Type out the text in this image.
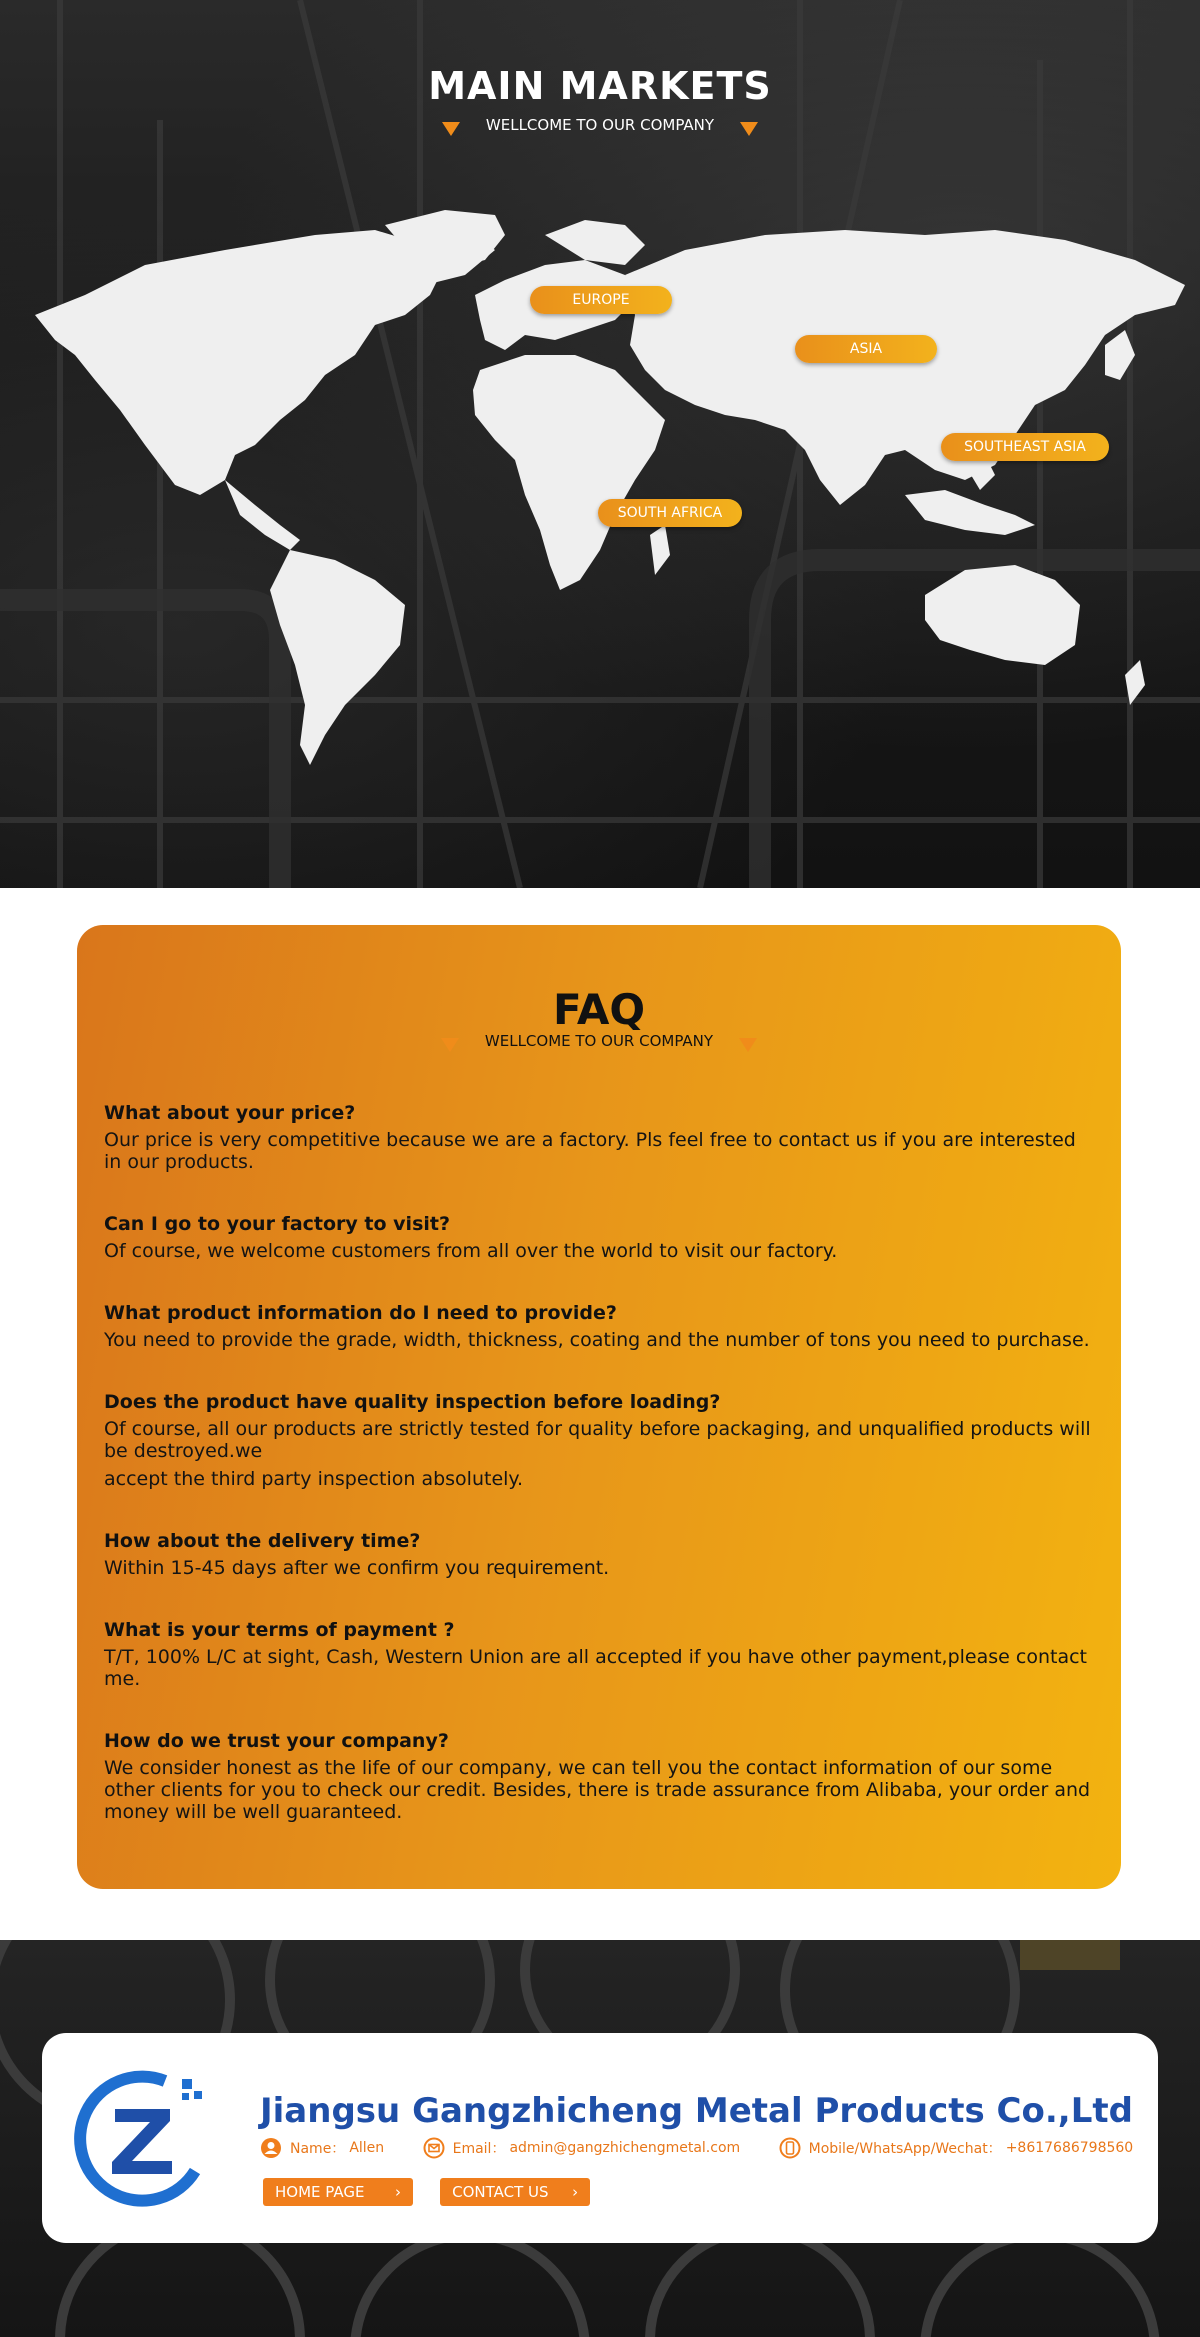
MAIN MARKETS
WELLCOME TO OUR COMPANY
EUROPE
ASIA
SOUTHEAST ASIA
SOUTH AFRICA
FAQ
WELLCOME TO OUR COMPANY

What about your price?

Our price is very competitive because we are a factory. Pls feel free to contact us if you are interested in our products.

Can I go to your factory to visit?

Of course, we welcome customers from all over the world to visit our factory.

What product information do I need to provide?

You need to provide the grade, width, thickness, coating and the number of tons you need to purchase.

Does the product have quality inspection before loading?

Of course, all our products are strictly tested for quality before packaging, and unqualified products will be destroyed.we

accept the third party inspection absolutely.

How about the delivery time?

Within 15-45 days after we confirm you requirement.

What is your terms of payment ?

T/T, 100% L/C at sight, Cash, Western Union are all accepted if you have other payment,please contact me.

How do we trust your company?

We consider honest as the life of our company, we can tell you the contact information of our some other clients for you to check our credit. Besides, there is trade assurance from Alibaba, your order and money will be well guaranteed.

Jiangsu Gangzhicheng Metal Products Co.,Ltd
Name： Allen
	Email： admin@gangzhichengmetal.com
	Mobile/WhatsApp/Wechat： +8617686798560
HOME PAGE ›	CONTACT US ›
